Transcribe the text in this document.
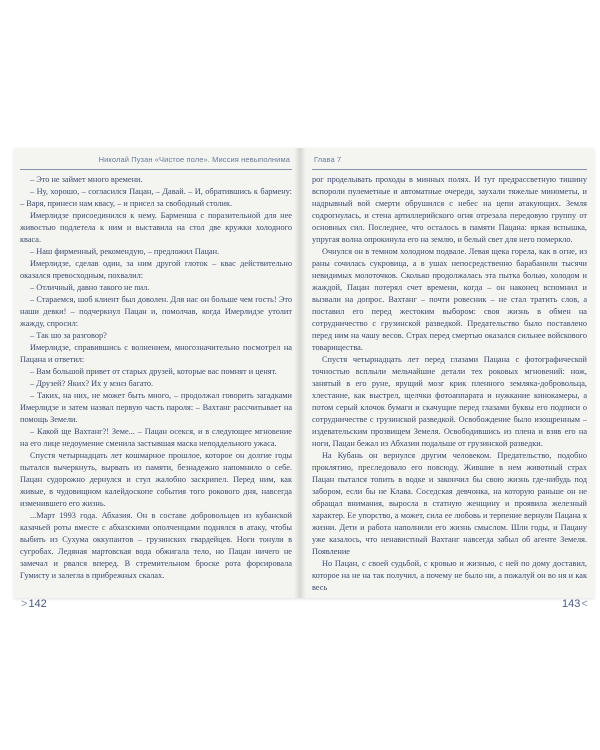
Николай Пузан «Чистое поле». Миссия невыполнима

– Это не займет много времени.

– Ну, хорошо, – согласился Пацан, – Давай. – И, обратившись к бармену: – Варя, принеси нам квасу, – и присел за свободный столик.

Имерлидзе присоединился к нему. Барменша с поразительной для нее живостью подлетела к ним и выставила на стол две кружки холодного кваса.

– Наш фирменный, рекомендую, – предложил Пацан.

Имерлидзе, сделав один, за ним другой глоток – квас действительно оказался превосходным, похвалил:

– Отличный, давно такого не пил.

– Стараемся, шоб клиент был доволен. Для нас он больше чем гость! Это наши девки! – подчеркнул Пацан и, помолчав, когда Имерлидзе утолит жажду, спросил:

– Так шо за разговор?

Имерлидзе, справившись с волнением, многозначительно посмотрел на Пацана и ответил:

– Вам большой привет от старых друзей, которые вас помнят и ценят.

– Друзей? Яких? Их у мэнэ багато.

– Таких, на них, не может быть много, – продолжал говорить загадками Имерлидзе и затем назвал первую часть пароля: – Вахтанг рассчитывает на помощь Земели.

– Какой ще Вахтанг?! Земе... – Пацан осекся, и в следующее мгновение на его лице недоумение сменила застывшая маска неподдельного ужаса.

Спустя четырнадцать лет кошмарное прошлое, которое он долгие годы пытался вычеркнуть, вырвать из памяти, безнадежно напомнило о себе. Пацан судорожно дернулся и стул жалобно заскрипел. Перед ним, как живые, в чудовищном калейдоскопе события того рокового дня, навсегда изменившего его жизнь.

...Март 1993 года. Абхазия. Он в составе добровольцев из кубанской казачьей роты вместе с абхазскими ополченцами поднялся в атаку, чтобы выбить из Сухума оккупантов – грузинских гвардейцев. Ноги тонули в сугробах. Ледяная мартовская вода обжигала тело, но Пацан ничего не замечал и рвался вперед. В стремительном броске рота форсировала Гумисту и залегла в прибрежных скалах.

Глава 7

рог проделывать проходы в минных полях. И тут предрассветную тишину вспороли пулеметные и автоматные очереди, заухали тяжелые минометы, и надрывный вой смерти обрушился с небес на цепи атакующих. Земля содрогнулась, и стена артиллерийского огня отрезала передовую группу от основных сил. Последнее, что осталось в памяти Пацана: яркая вспышка, упругая волна опрокинула его на землю, и белый свет для него померкло.

Очнулся он в темном холодном подвале. Левая щека горела, как в огне, из раны сочилась сукровица, а в ушах непосредственно барабанили тысячи невидимых молоточков. Сколько продолжалась эта пытка болью, холодом и жаждой, Пацан потерял счет времени, когда – он наконец вспомнил и вызвали на допрос. Вахтанг – почти ровесник – не стал тратить слов, а поставил его перед жестоким выбором: своя жизнь в обмен на сотрудничество с грузинской разведкой. Предательство было поставлено перед ним на чашу весов. Страх перед смертью оказался сильнее войскового товарищества.

Спустя четырнадцать лет перед глазами Пацана с фотографической точностью всплыли мельчайшие детали тех роковых мгновений: нож, занятый в его руне, ярущий мозг крик пленного земляка-добровольца, хлестание, как выстрел, щелчки фотоаппарата и нужкание кинокамеры, а потом серый клочок бумаги и скачущие перед глазами буквы его подписи о сотрудничестве с грузинской разведкой. Освобождение было изощренным – издевательским прозвищем Земеля. Освободившись из плена и взяв его на ноги, Пацан бежал из Абхазии подальше от грузинской разведки.

На Кубань он вернулся другим человеком. Предательство, подобно проклятию, преследовало его повсюду. Жившие в нем животный страх Пацан пытался топить в водке и закончил бы свою жизнь где-нибудь под забором, если бы не Клава. Соседская девчонка, на которую раньше он не обращал внимания, выросла в статную женщину и проявила железный характер. Ее упорство, а может, сила ее любовь и терпение вернули Пацана к жизни. Дети и работа наполнили его жизнь смыслом. Шли годы, и Пацану уже казалось, что ненавистный Вахтанг навсегда забыл об агенте Земеля. Появление

Но Пацан, с своей судьбой, с кровью и жизнью, с ней по дому доставил, которое на не на так получил, а почему не было ни, а пожалуй он во ня и как весь

>142	143<
